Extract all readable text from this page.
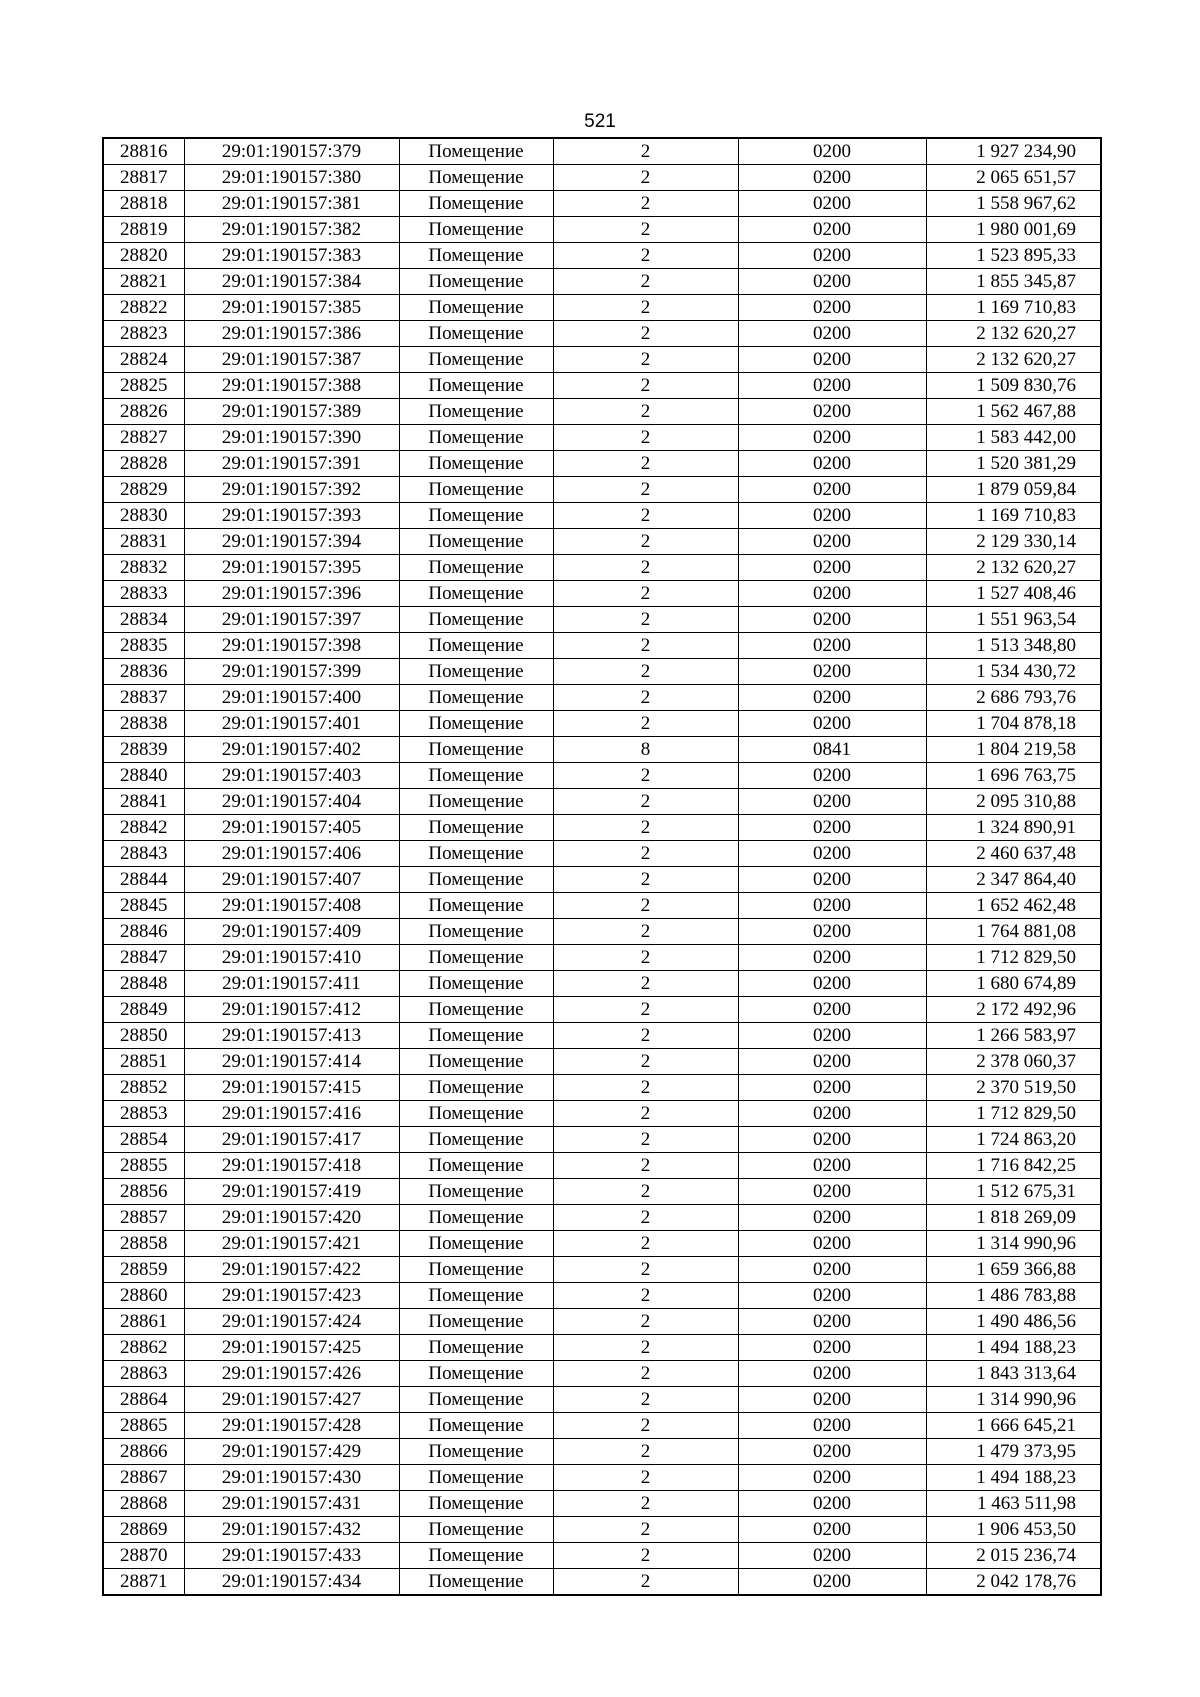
521
28816	29:01:190157:379	Помещение	2	0200	1 927 234,90
28817	29:01:190157:380	Помещение	2	0200	2 065 651,57
28818	29:01:190157:381	Помещение	2	0200	1 558 967,62
28819	29:01:190157:382	Помещение	2	0200	1 980 001,69
28820	29:01:190157:383	Помещение	2	0200	1 523 895,33
28821	29:01:190157:384	Помещение	2	0200	1 855 345,87
28822	29:01:190157:385	Помещение	2	0200	1 169 710,83
28823	29:01:190157:386	Помещение	2	0200	2 132 620,27
28824	29:01:190157:387	Помещение	2	0200	2 132 620,27
28825	29:01:190157:388	Помещение	2	0200	1 509 830,76
28826	29:01:190157:389	Помещение	2	0200	1 562 467,88
28827	29:01:190157:390	Помещение	2	0200	1 583 442,00
28828	29:01:190157:391	Помещение	2	0200	1 520 381,29
28829	29:01:190157:392	Помещение	2	0200	1 879 059,84
28830	29:01:190157:393	Помещение	2	0200	1 169 710,83
28831	29:01:190157:394	Помещение	2	0200	2 129 330,14
28832	29:01:190157:395	Помещение	2	0200	2 132 620,27
28833	29:01:190157:396	Помещение	2	0200	1 527 408,46
28834	29:01:190157:397	Помещение	2	0200	1 551 963,54
28835	29:01:190157:398	Помещение	2	0200	1 513 348,80
28836	29:01:190157:399	Помещение	2	0200	1 534 430,72
28837	29:01:190157:400	Помещение	2	0200	2 686 793,76
28838	29:01:190157:401	Помещение	2	0200	1 704 878,18
28839	29:01:190157:402	Помещение	8	0841	1 804 219,58
28840	29:01:190157:403	Помещение	2	0200	1 696 763,75
28841	29:01:190157:404	Помещение	2	0200	2 095 310,88
28842	29:01:190157:405	Помещение	2	0200	1 324 890,91
28843	29:01:190157:406	Помещение	2	0200	2 460 637,48
28844	29:01:190157:407	Помещение	2	0200	2 347 864,40
28845	29:01:190157:408	Помещение	2	0200	1 652 462,48
28846	29:01:190157:409	Помещение	2	0200	1 764 881,08
28847	29:01:190157:410	Помещение	2	0200	1 712 829,50
28848	29:01:190157:411	Помещение	2	0200	1 680 674,89
28849	29:01:190157:412	Помещение	2	0200	2 172 492,96
28850	29:01:190157:413	Помещение	2	0200	1 266 583,97
28851	29:01:190157:414	Помещение	2	0200	2 378 060,37
28852	29:01:190157:415	Помещение	2	0200	2 370 519,50
28853	29:01:190157:416	Помещение	2	0200	1 712 829,50
28854	29:01:190157:417	Помещение	2	0200	1 724 863,20
28855	29:01:190157:418	Помещение	2	0200	1 716 842,25
28856	29:01:190157:419	Помещение	2	0200	1 512 675,31
28857	29:01:190157:420	Помещение	2	0200	1 818 269,09
28858	29:01:190157:421	Помещение	2	0200	1 314 990,96
28859	29:01:190157:422	Помещение	2	0200	1 659 366,88
28860	29:01:190157:423	Помещение	2	0200	1 486 783,88
28861	29:01:190157:424	Помещение	2	0200	1 490 486,56
28862	29:01:190157:425	Помещение	2	0200	1 494 188,23
28863	29:01:190157:426	Помещение	2	0200	1 843 313,64
28864	29:01:190157:427	Помещение	2	0200	1 314 990,96
28865	29:01:190157:428	Помещение	2	0200	1 666 645,21
28866	29:01:190157:429	Помещение	2	0200	1 479 373,95
28867	29:01:190157:430	Помещение	2	0200	1 494 188,23
28868	29:01:190157:431	Помещение	2	0200	1 463 511,98
28869	29:01:190157:432	Помещение	2	0200	1 906 453,50
28870	29:01:190157:433	Помещение	2	0200	2 015 236,74
28871	29:01:190157:434	Помещение	2	0200	2 042 178,76
